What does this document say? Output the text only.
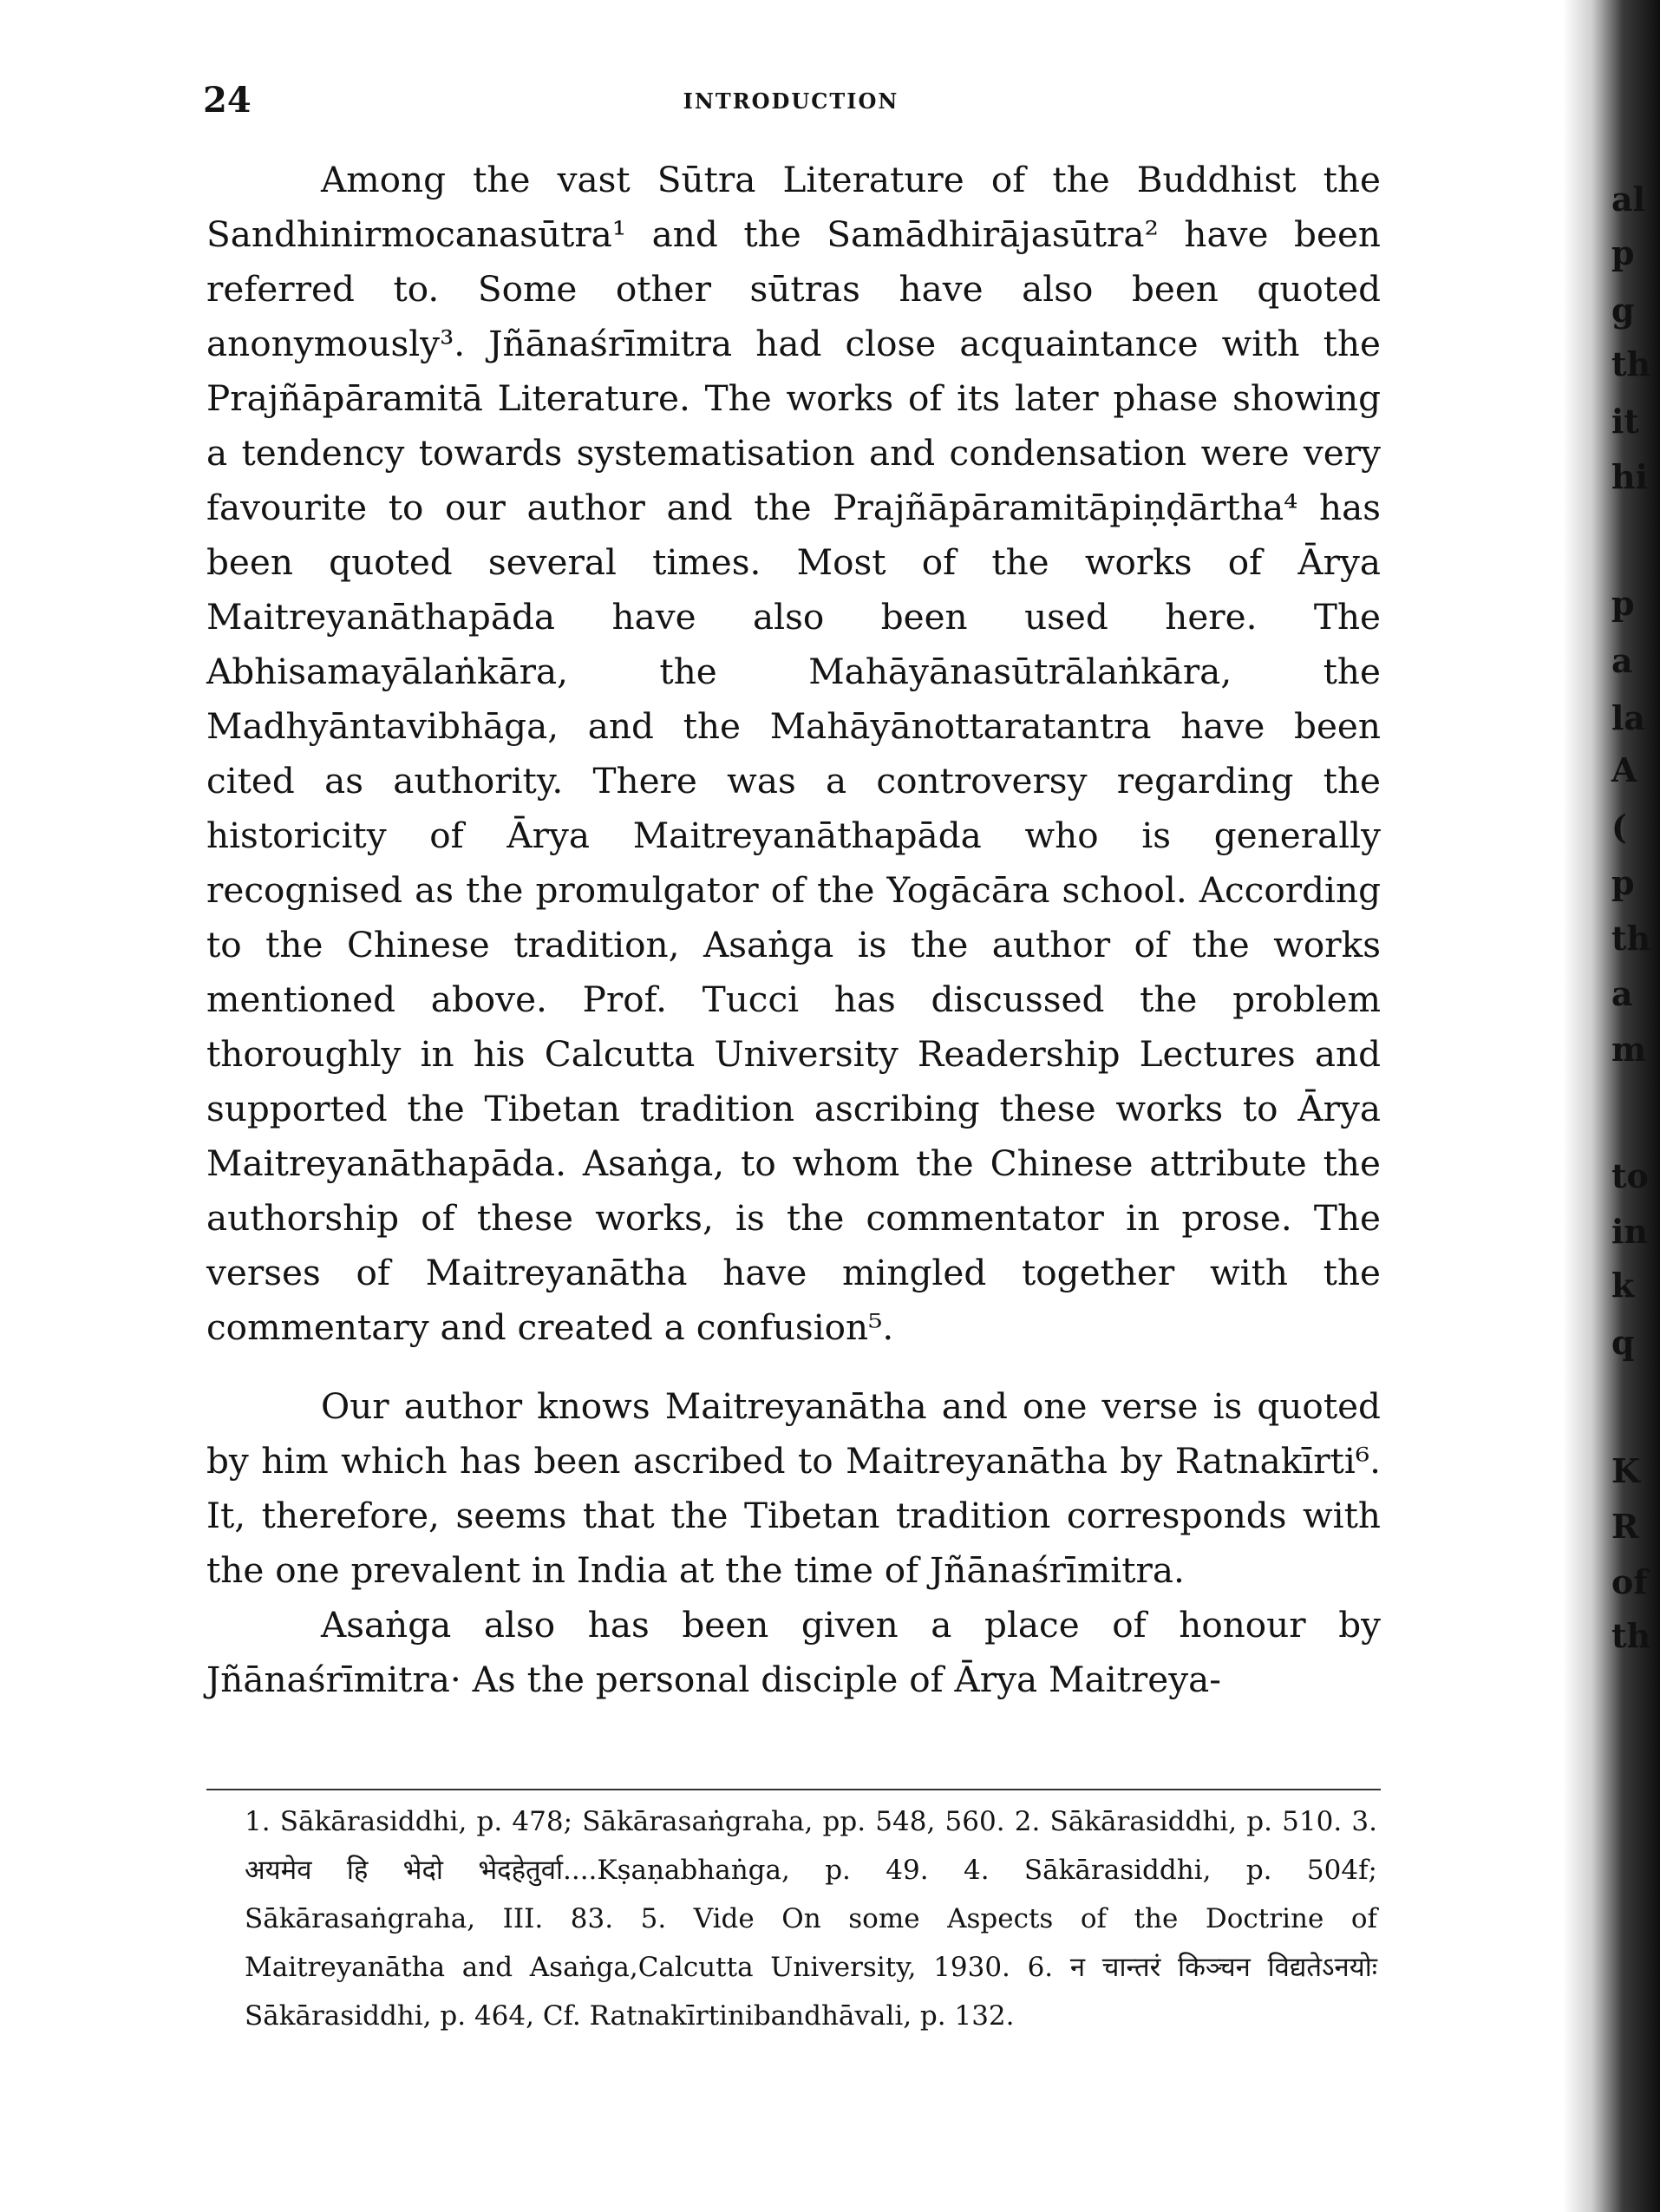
24	INTRODUCTION

Among the vast Sūtra Literature of the Buddhist the Sandhinirmocanasūtra¹ and the Samādhirājasūtra² have been referred to. Some other sūtras have also been quoted anonymously³. Jñānaśrīmitra had close acquaintance with the Prajñāpāramitā Literature. The works of its later phase showing a tendency towards systematisation and condensation were very favourite to our author and the Prajñāpāramitāpiṇḍārtha⁴ has been quoted several times. Most of the works of Ārya Maitreyanāthapāda have also been used here. The Abhisamayālaṅkāra, the Mahāyānasūtrālaṅkāra, the Madhyāntavibhāga, and the Mahāyānottaratantra have been cited as authority. There was a controversy regarding the historicity of Ārya Maitreyanāthapāda who is generally recognised as the promulgator of the Yogācāra school. According to the Chinese tradition, Asaṅga is the author of the works mentioned above. Prof. Tucci has discussed the problem thoroughly in his Calcutta University Readership Lectures and supported the Tibetan tradition ascribing these works to Ārya Maitreyanāthapāda. Asaṅga, to whom the Chinese attribute the authorship of these works, is the commentator in prose. The verses of Maitreyanātha have mingled together with the commentary and created a confusion⁵.

Our author knows Maitreyanātha and one verse is quoted by him which has been ascribed to Maitreyanātha by Ratnakīrti⁶. It, therefore, seems that the Tibetan tradition corresponds with the one prevalent in India at the time of Jñānaśrīmitra.

Asaṅga also has been given a place of honour by Jñānaśrīmitra· As the personal disciple of Ārya Maitreya-

1. Sākārasiddhi, p. 478; Sākārasaṅgraha, pp. 548, 560. 2. Sākārasiddhi, p. 510. 3. अयमेव हि भेदो भेदहेतुर्वा....Kṣaṇabhaṅga, p. 49. 4. Sākārasiddhi, p. 504f; Sākārasaṅgraha, III. 83. 5. Vide On some Aspects of the Doctrine of Maitreyanātha and Asaṅga,Calcutta University, 1930. 6. न चान्तरं किञ्चन विद्यतेऽनयोः Sākārasiddhi, p. 464, Cf. Ratnakīrtinibandhāvali, p. 132.
al
p
g
th
it
hi
p
a
la
A
(
p
th
a
m
to
in
k
q
K
R
of
th
